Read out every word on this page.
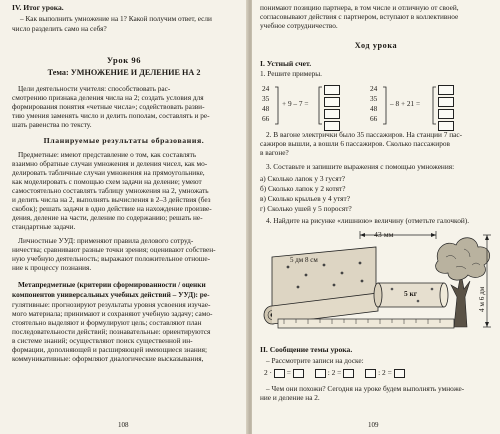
IV. Итог урока.
– Как выполнить умножение на 1? Какой получим ответ, если
число разделить само на себя?
Урок 96
Тема: УМНОЖЕНИЕ И ДЕЛЕНИЕ НА 2
Цели деятельности учителя: способствовать рас-
смотрению признака деления числа на 2; создать условия для
формирования понятия «четные числа»; содействовать разви-
тию умения заменять число и делить пополам, составлять и ре-
шать равенства по тексту.
Планируемые результаты образования.
Предметные: имеют представление о том, как составлять
взаимно обратные случаи умножения и деления чисел, как мо-
делировать табличные случаи умножения на прямоугольнике,
как моделировать с помощью схем задачи на деление; умеют
самостоятельно составлять таблицу умножения на 2, умножать
и делить числа на 2, выполнять вычисления в 2–3 действия (без
скобок); решать задачи в одно действие на нахождение произве-
дения, деление на части, деление по содержанию; решать не-
стандартные задачи.
Личностные УУД: применяют правила делового сотруд-
ничества; сравнивают разные точки зрения; оценивают собствен-
ную учебную деятельность; выражают положительное отноше-
ние к процессу познания.
Метапредметные (критерии сформированности / оценки
компонентов универсальных учебных действий – УУД): ре-
гулятивные: прогнозируют результаты уровня усвоения изучае-
мого материала; принимают и сохраняют учебную задачу; само-
стоятельно выделяют и формулируют цель; составляют план
последовательности действий; познавательные: ориентируются
в системе знаний; осуществляют поиск существенной ин-
формации, дополняющей и расширяющей имеющиеся знания;
коммуникативные: оформляют диалогические высказывания,
108
понимают позицию партнера, в том числе и отличную от своей,
согласовывают действия с партнером, вступают в коллективное
учебное сотрудничество.
Ход урока
I. Устный счет.
1. Решите примеры.
24
35
48
66
+ 9 – 7 =
24
35
48
66
– 8 + 21 =
2. В вагоне электрички было 35 пассажиров. На станции 7 пас-
сажиров вышли, а вошли 6 пассажиров. Сколько пассажиров
в вагоне?
3. Составьте и запишите выражения с помощью умножения:
а) Сколько лапок у 3 гусят?
б) Сколько лапок у 2 котят?
в) Сколько крыльев у 4 утят?
г) Сколько ушей у 5 поросят?
4. Найдите на рисунке «лишнюю» величину (отметьте галочкой).
43 мм
5 дм 8 см
5 кг	4 м 6 дм
II. Сообщение темы урока.
– Рассмотрите записи на доске:
2 · =	: 2 =	: 2 =
– Чем они похожи? Сегодня на уроке будем выполнять умноже-
ние и деление на 2.
109
